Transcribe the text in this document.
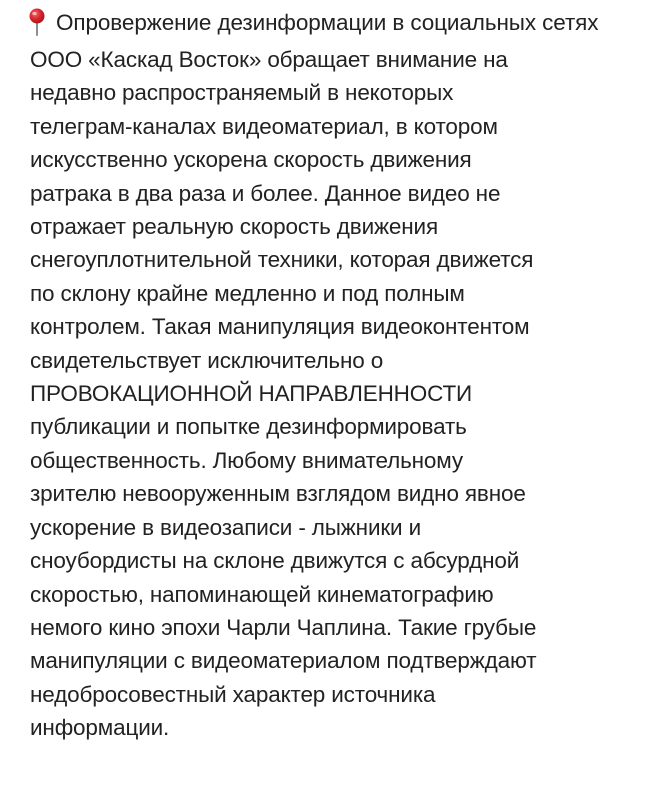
Опровержение дезинформации в социальных сетях
ООО «Каскад Восток» обращает внимание на
недавно распространяемый в некоторых
телеграм-каналах видеоматериал, в котором
искусственно ускорена скорость движения
ратрака в два раза и более. Данное видео не
отражает реальную скорость движения
снегоуплотнительной техники, которая движется
по склону крайне медленно и под полным
контролем. Такая манипуляция видеоконтентом
свидетельствует исключительно о
ПРОВОКАЦИОННОЙ НАПРАВЛЕННОСТИ
публикации и попытке дезинформировать
общественность. Любому внимательному
зрителю невооруженным взглядом видно явное
ускорение в видеозаписи - лыжники и
сноубордисты на склоне движутся с абсурдной
скоростью, напоминающей кинематографию
немого кино эпохи Чарли Чаплина. Такие грубые
манипуляции с видеоматериалом подтверждают
недобросовестный характер источника
информации.
